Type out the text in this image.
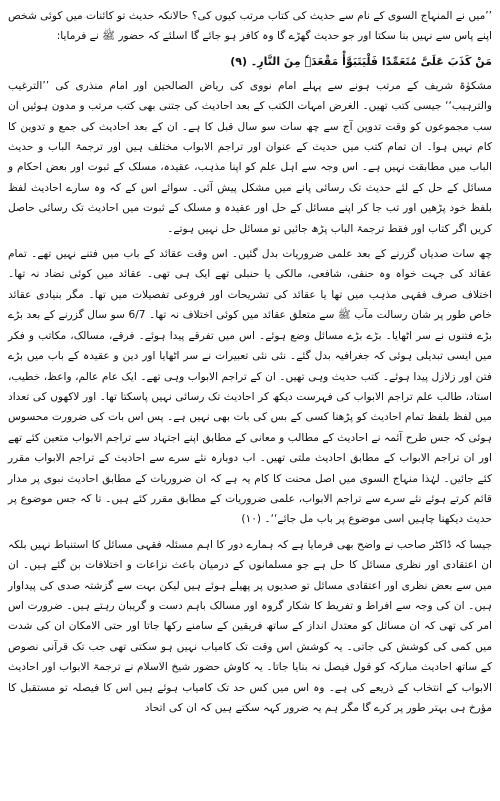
’’میں نے المنہاج السوی کے نام سے حدیث کی کتاب مرتب کیوں کی؟ حالانکہ حدیث تو کائنات میں کوئی شخص اپنے پاس سے نہیں بنا سکتا اور جو حدیث گھڑے گا وہ کافر ہو جائے گا اسلئے کہ حضور ﷺ نے فرمایا:

مَنْ کَذَبَ عَلَیَّ مُتَعَمِّدًا فَلْیَتَبَوَّأْ مَقْعَدَہٗ مِنَ النَّارِ۔ (۹)

مشکوٰۃ شریف کے مرتب ہونے سے پہلے امام نووی کی ریاض الصالحین اور امام منذری کی ’’الترغیب والترہیب‘‘ جیسی کتب تھیں۔ الغرض امہات الکتب کے بعد احادیث کی جتنی بھی کتب مرتب و مدون ہوئیں ان سب مجموعوں کو وقت تدوین آج سے چھ سات سو سال قبل کا ہے۔ ان کے بعد احادیث کی جمع و تدوین کا کام نہیں ہوا۔ ان تمام کتب میں حدیث کے عنوان اور تراجم الابواب مختلف ہیں اور ترجمۃ الباب و حدیث الباب میں مطابقت نہیں ہے۔ اس وجہ سے اہل علم کو اپنا مذہب، عقیدہ، مسلک کے ثبوت اور بعض احکام و مسائل کے حل کے لئے حدیث تک رسائی پانے میں مشکل پیش آئی۔ سوائے اس کے کہ وہ سارے احادیث لفظ بلفظ خود پڑھیں اور تب جا کر اپنے مسائل کے حل اور عقیدہ و مسلک کے ثبوت میں احادیث تک رسائی حاصل کریں اگر کتاب اور فقط ترجمۃ الباب پڑھ جائیں تو مسائل حل نہیں ہوتے۔

چھ سات صدیاں گزرنے کے بعد علمی ضروریات بدل گئیں۔ اس وقت عقائد کے باب میں فتنے نہیں تھے۔ تمام عقائد کی جہت خواہ وہ حنفی، شافعی، مالکی یا حنبلی تھے ایک ہی تھی۔ عقائد میں کوئی تضاد نہ تھا۔ اختلاف صرف فقہی مذہب میں تھا یا عقائد کی تشریحات اور فروعی تفصیلات میں تھا۔ مگر بنیادی عقائد خاص طور پر شان رسالت مآب ﷺ سے متعلق عقائد میں کوئی اختلاف نہ تھا۔ 6/7 سو سال گزرنے کے بعد بڑے بڑے فتنوں نے سر اٹھایا۔ بڑے بڑے مسائل وضع ہوئے۔ اس میں تفرقے پیدا ہوئے۔ فرقے، مسالک، مکاتب و فکر میں ایسی تبدیلی ہوئی کہ جغرافیہ بدل گئے۔ نئی نئی تعبیرات نے سر اٹھایا اور دین و عقیدہ کے باب میں بڑے فتن اور زلازل پیدا ہوئے۔ کتب حدیث وہی تھیں۔ ان کے تراجم الابواب وہی تھے۔ ایک عام عالم، واعظ، خطیب، استاد، طالب علم تراجم الابواب کی فہرست دیکھ کر احادیث تک رسائی نہیں پاسکتا تھا۔ اور لاکھوں کی تعداد میں لفظ بلفظ تمام احادیث کو پڑھنا کسی کے بس کی بات بھی نہیں ہے۔ پس اس بات کی ضرورت محسوس ہوئی کہ جس طرح آئمہ نے احادیث کے مطالب و معانی کے مطابق اپنے اجتہاد سے تراجم الابواب متعین کئے تھے اور ان تراجم الابواب کے مطابق احادیث ملتی تھیں۔ اب دوبارہ نئے سرے سے احادیث کے تراجم الابواب مقرر کئے جائیں۔ لہٰذا منہاج السوی میں اصل محنت کا کام یہ ہے کہ ان ضروریات کے مطابق احادیث نبوی پر مدار قائم کرتے ہوئے نئے سرے سے تراجم الابواب، علمی ضروریات کے مطابق مقرر کئے ہیں۔ تا کہ جس موضوع پر حدیث دیکھنا چاہیں اسی موضوع پر باب مل جائے‘‘۔ (۱۰)

جیسا کہ ڈاکٹر صاحب نے واضح بھی فرمایا ہے کہ ہمارے دور کا اہم مسئلہ فقہی مسائل کا استنباط نہیں بلکہ ان اعتقادی اور نظری مسائل کا حل ہے جو مسلمانوں کے درمیان باعث نزاعات و اختلافات بن گئے ہیں۔ ان میں سے بعض نظری اور اعتقادی مسائل تو صدیوں پر پھیلے ہوئے ہیں لیکن بہت سے گزشتہ صدی کی پیداوار ہیں۔ ان کی وجہ سے افراط و تفریط کا شکار گروہ اور مسالک باہم دست و گریبان رہتے ہیں۔ ضرورت اس امر کی تھی کہ ان مسائل کو معتدل انداز کے ساتھ فریقین کے سامنے رکھا جاتا اور حتی الامکان ان کی شدت میں کمی کی کوشش کی جاتی۔ یہ کوشش اس وقت تک کامیاب نہیں ہو سکتی تھی جب تک قرآنی نصوص کے ساتھ احادیث مبارکہ کو قول فیصل نہ بنایا جاتا۔ یہ کاوش حضور شیخ الاسلام نے ترجمۃ الابواب اور احادیث الابواب کے انتخاب کے ذریعے کی ہے۔ وہ اس میں کس حد تک کامیاب ہوئے ہیں اس کا فیصلہ تو مستقبل کا مؤرخ ہی بہتر طور پر کرے گا مگر ہم یہ ضرور کہہ سکتے ہیں کہ ان کی اتحاد
